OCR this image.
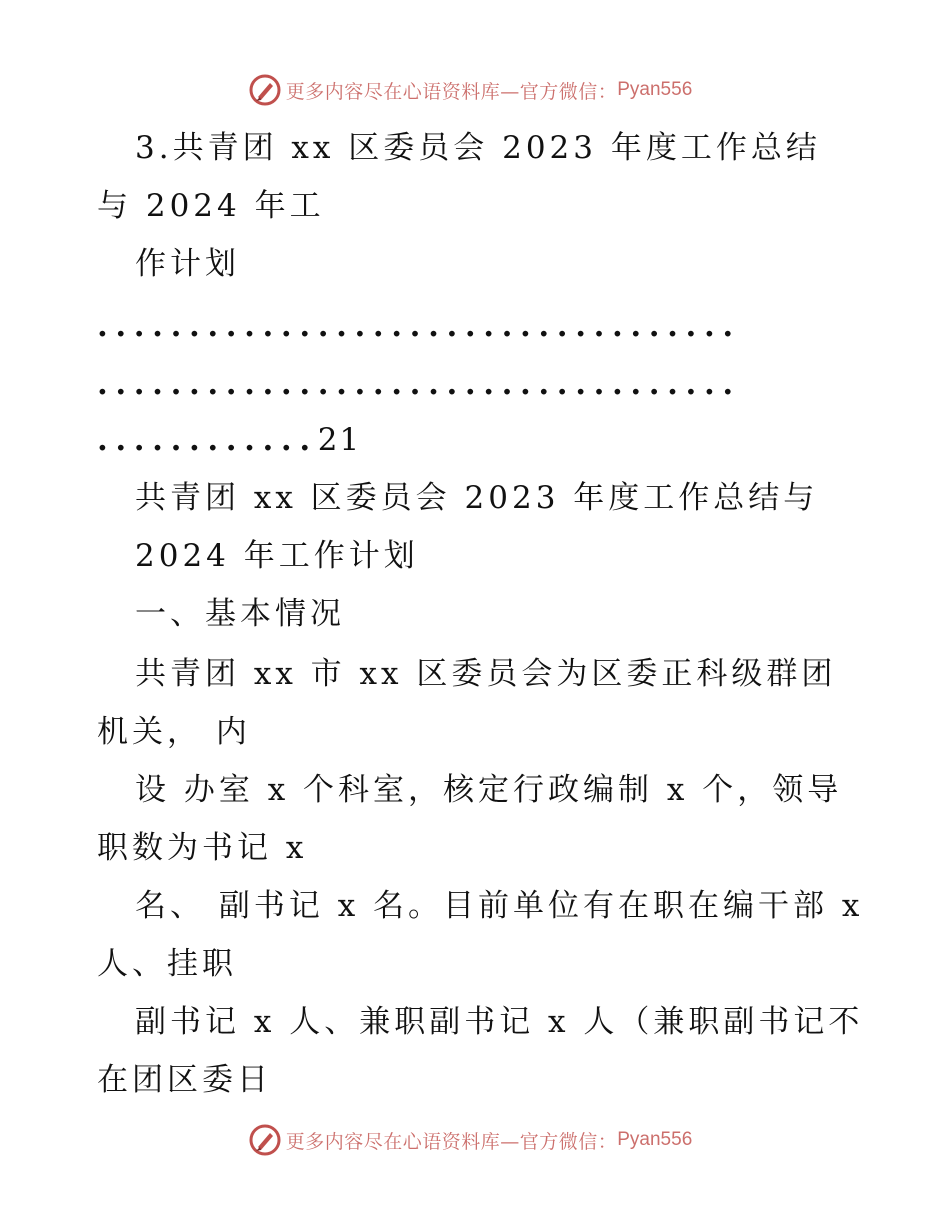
更多内容尽在心语资料库—官方微信： Pyan556
3.共青团 xx 区委员会 2023 年度工作总结
与 2024 年工
作计划
...................................
...................................
............21
共青团 xx 区委员会 2023 年度工作总结与
2024 年工作计划
一、基本情况
共青团 xx 市 xx 区委员会为区委正科级群团
机关， 内
设 办室 x 个科室，核定行政编制 x 个，领导
职数为书记 x
名、 副书记 x 名。目前单位有在职在编干部 x
人、挂职
副书记 x 人、兼职副书记 x 人（兼职副书记不
在团区委日
更多内容尽在心语资料库—官方微信： Pyan556
